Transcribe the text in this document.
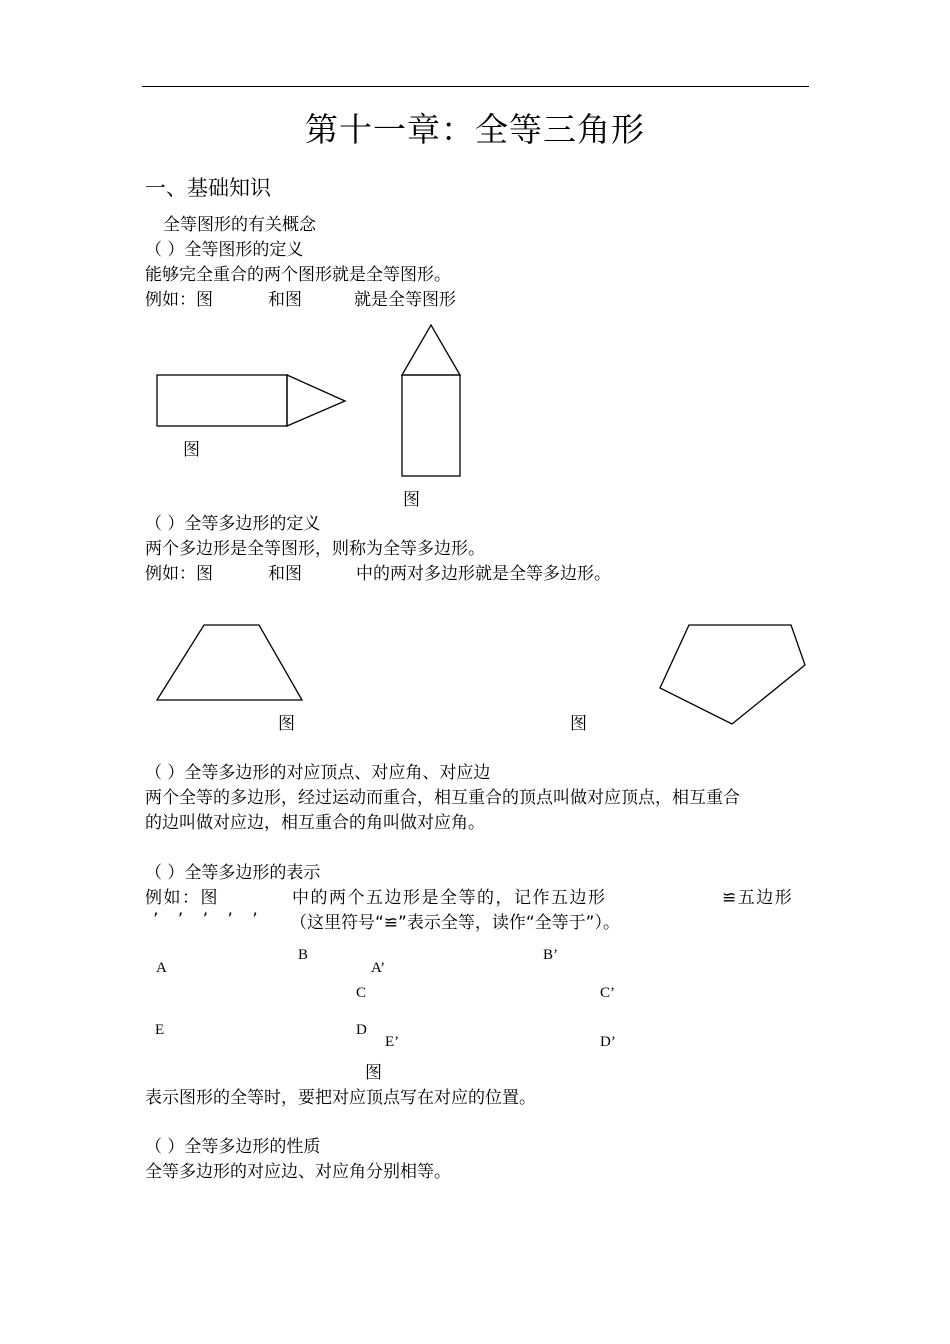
第十一章：全等三角形
一、基础知识
全等图形的有关概念
（ ）全等图形的定义
能够完全重合的两个图形就是全等图形。
例如：图	和图	就是全等图形
图
图
（ ）全等多边形的定义
两个多边形是全等图形，则称为全等多边形。
例如：图	和图	中的两对多边形就是全等多边形。
图	图
（ ）全等多边形的对应顶点、对应角、对应边
两个全等的多边形，经过运动而重合，相互重合的顶点叫做对应顶点，相互重合
的边叫做对应边，相互重合的角叫做对应角。
（ ）全等多边形的表示
例如：图	中的两个五边形是全等的，记作五边形	≌五边形
’ ’ ’ ’ ’ （这里符号“≌”表示全等，读作“全等于”）。
A
B
C
D
E
A’
B’
C’
D’
E’
图
表示图形的全等时，要把对应顶点写在对应的位置。
（ ）全等多边形的性质
全等多边形的对应边、对应角分别相等。
